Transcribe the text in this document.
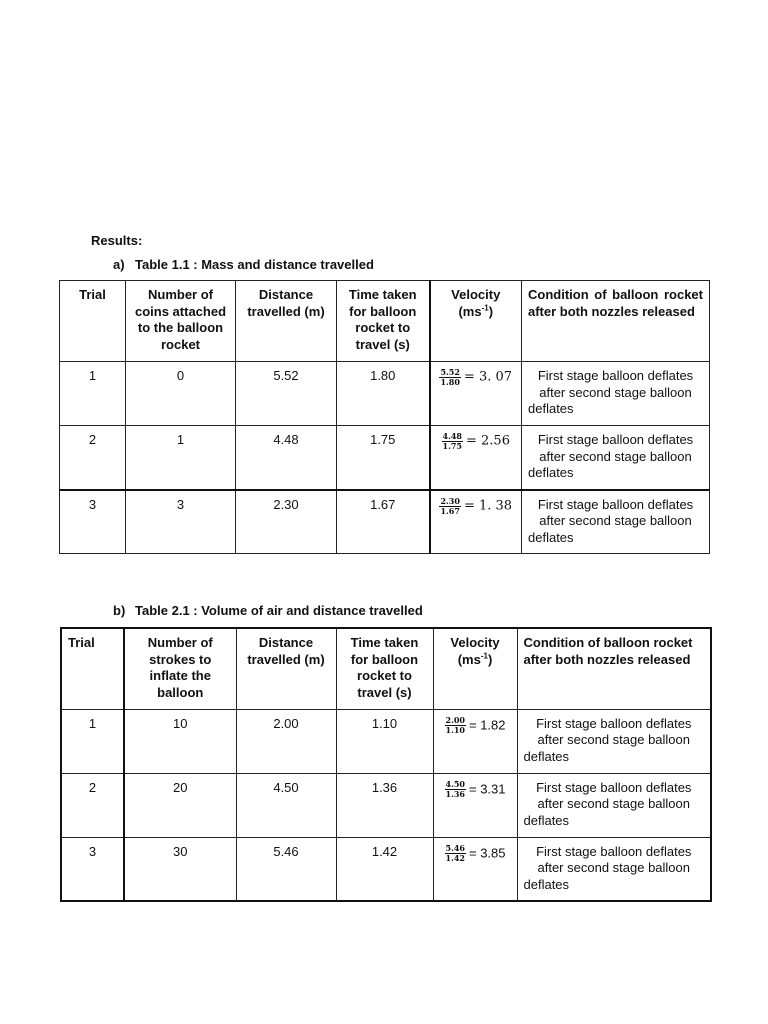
Results:
a) Table 1.1 : Mass and distance travelled
Trial	Number of coins attached to the balloon rocket	Distance travelled (m)	Time taken for balloon rocket to travel (s)	Velocity $(ms^{-1})$	Condition of balloon rocket after both nozzles released
1	0	5.52	1.80	$\frac{5.52}{1.80} = 3$. 07	First stage balloon deflates after second stage balloon deflates
2	1	4.48	1.75	$\frac{4.48}{1.75} = 2.56$	First stage balloon deflates after second stage balloon deflates
3	3	2.30	1.67	$\frac{2.30}{1.67} = 1$. 38	First stage balloon deflates after second stage balloon deflates
b) Table 2.1 : Volume of air and distance travelled
Trial	Number of strokes to inflate the balloon	Distance travelled (m)	Time taken for balloon rocket to travel (s)	Velocity $(ms^{-1})$	Condition of balloon rocket after both nozzles released
1	10	2.00	1.10	$\frac{2.00}{1.10} = 1.82$	First stage balloon deflates after second stage balloon deflates
2	20	4.50	1.36	$\frac{4.50}{1.36} = 3.31$	First stage balloon deflates after second stage balloon deflates
3	30	5.46	1.42	$\frac{5.46}{1.42} = 3.85$	First stage balloon deflates after second stage balloon deflates
